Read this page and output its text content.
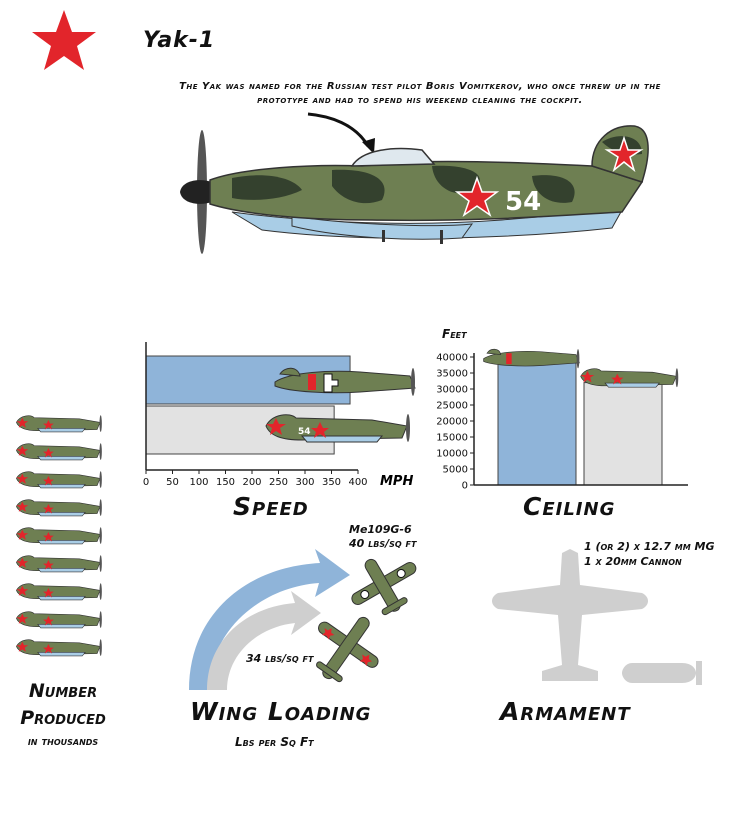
Yak-1
The Yak was named for the Russian test pilot Boris Vomitkerov, who once threw up in the prototype and had to spend his weekend cleaning the cockpit.
54
MPH
0 50 100 150 200 250 300 350 400
54
Speed
Feet
0
5000
10000
15000
20000
25000
30000
35000
40000
Ceiling
Number Produced
in thousands
Me109G-6
40 lbs/sq ft
34 lbs/sq ft
Wing Loading
Lbs per Sq Ft
1 (or 2) x 12.7 mm MG
1 x 20mm Cannon
Armament
